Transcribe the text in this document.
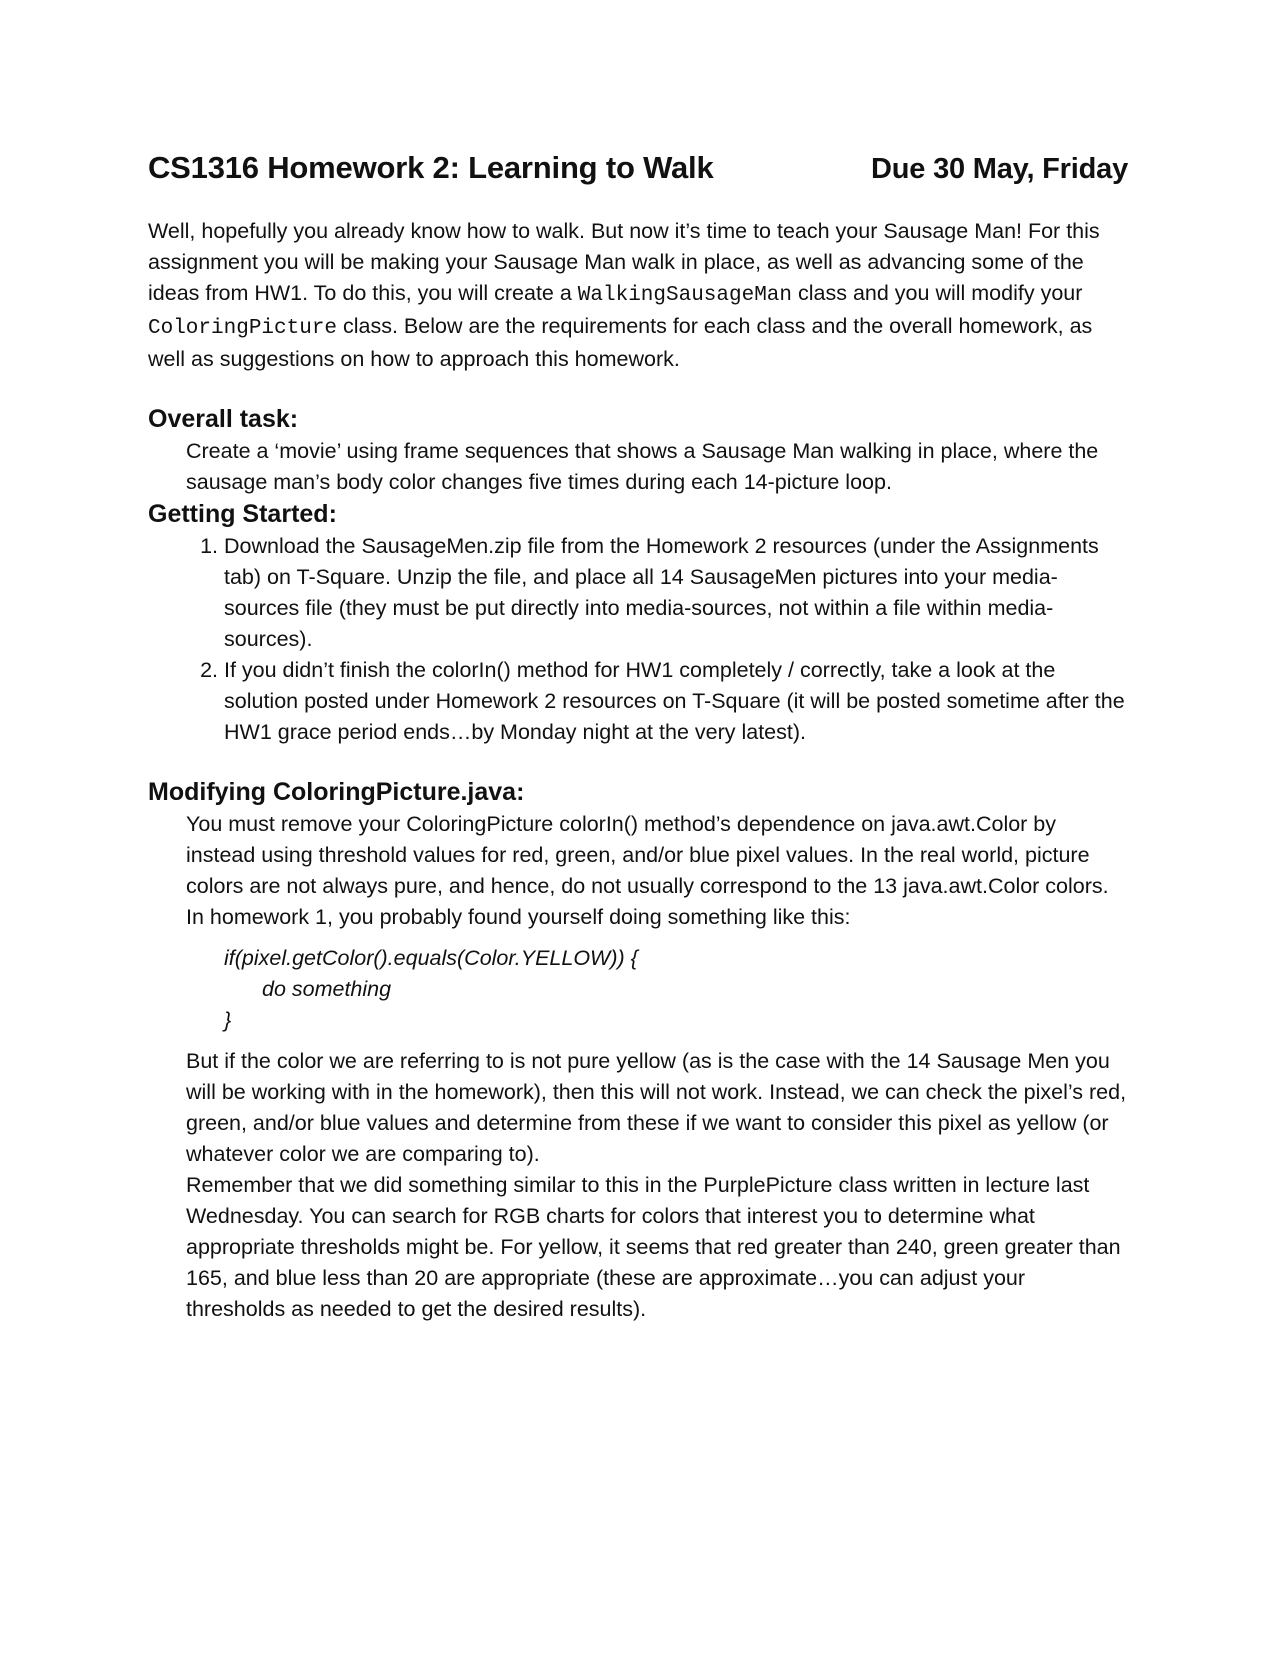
CS1316 Homework 2: Learning to Walk	Due 30 May, Friday

Well, hopefully you already know how to walk. But now it’s time to teach your Sausage Man! For this assignment you will be making your Sausage Man walk in place, as well as advancing some of the ideas from HW1. To do this, you will create a WalkingSausageMan class and you will modify your ColoringPicture class. Below are the requirements for each class and the overall homework, as well as suggestions on how to approach this homework.

Overall task:

Create a ‘movie’ using frame sequences that shows a Sausage Man walking in place, where the sausage man’s body color changes five times during each 14-picture loop.

Getting Started:
1. Download the SausageMen.zip file from the Homework 2 resources (under the Assignments tab) on T-Square. Unzip the file, and place all 14 SausageMen pictures into your media-sources file (they must be put directly into media-sources, not within a file within media-sources).
2. If you didn’t finish the colorIn() method for HW1 completely / correctly, take a look at the solution posted under Homework 2 resources on T-Square (it will be posted sometime after the HW1 grace period ends…by Monday night at the very latest).
Modifying ColoringPicture.java:

You must remove your ColoringPicture colorIn() method’s dependence on java.awt.Color by instead using threshold values for red, green, and/or blue pixel values. In the real world, picture colors are not always pure, and hence, do not usually correspond to the 13 java.awt.Color colors. In homework 1, you probably found yourself doing something like this:

if(pixel.getColor().equals(Color.YELLOW)) {
do something
}

But if the color we are referring to is not pure yellow (as is the case with the 14 Sausage Men you will be working with in the homework), then this will not work. Instead, we can check the pixel’s red, green, and/or blue values and determine from these if we want to consider this pixel as yellow (or whatever color we are comparing to).

Remember that we did something similar to this in the PurplePicture class written in lecture last Wednesday. You can search for RGB charts for colors that interest you to determine what appropriate thresholds might be. For yellow, it seems that red greater than 240, green greater than 165, and blue less than 20 are appropriate (these are approximate…you can adjust your thresholds as needed to get the desired results).
